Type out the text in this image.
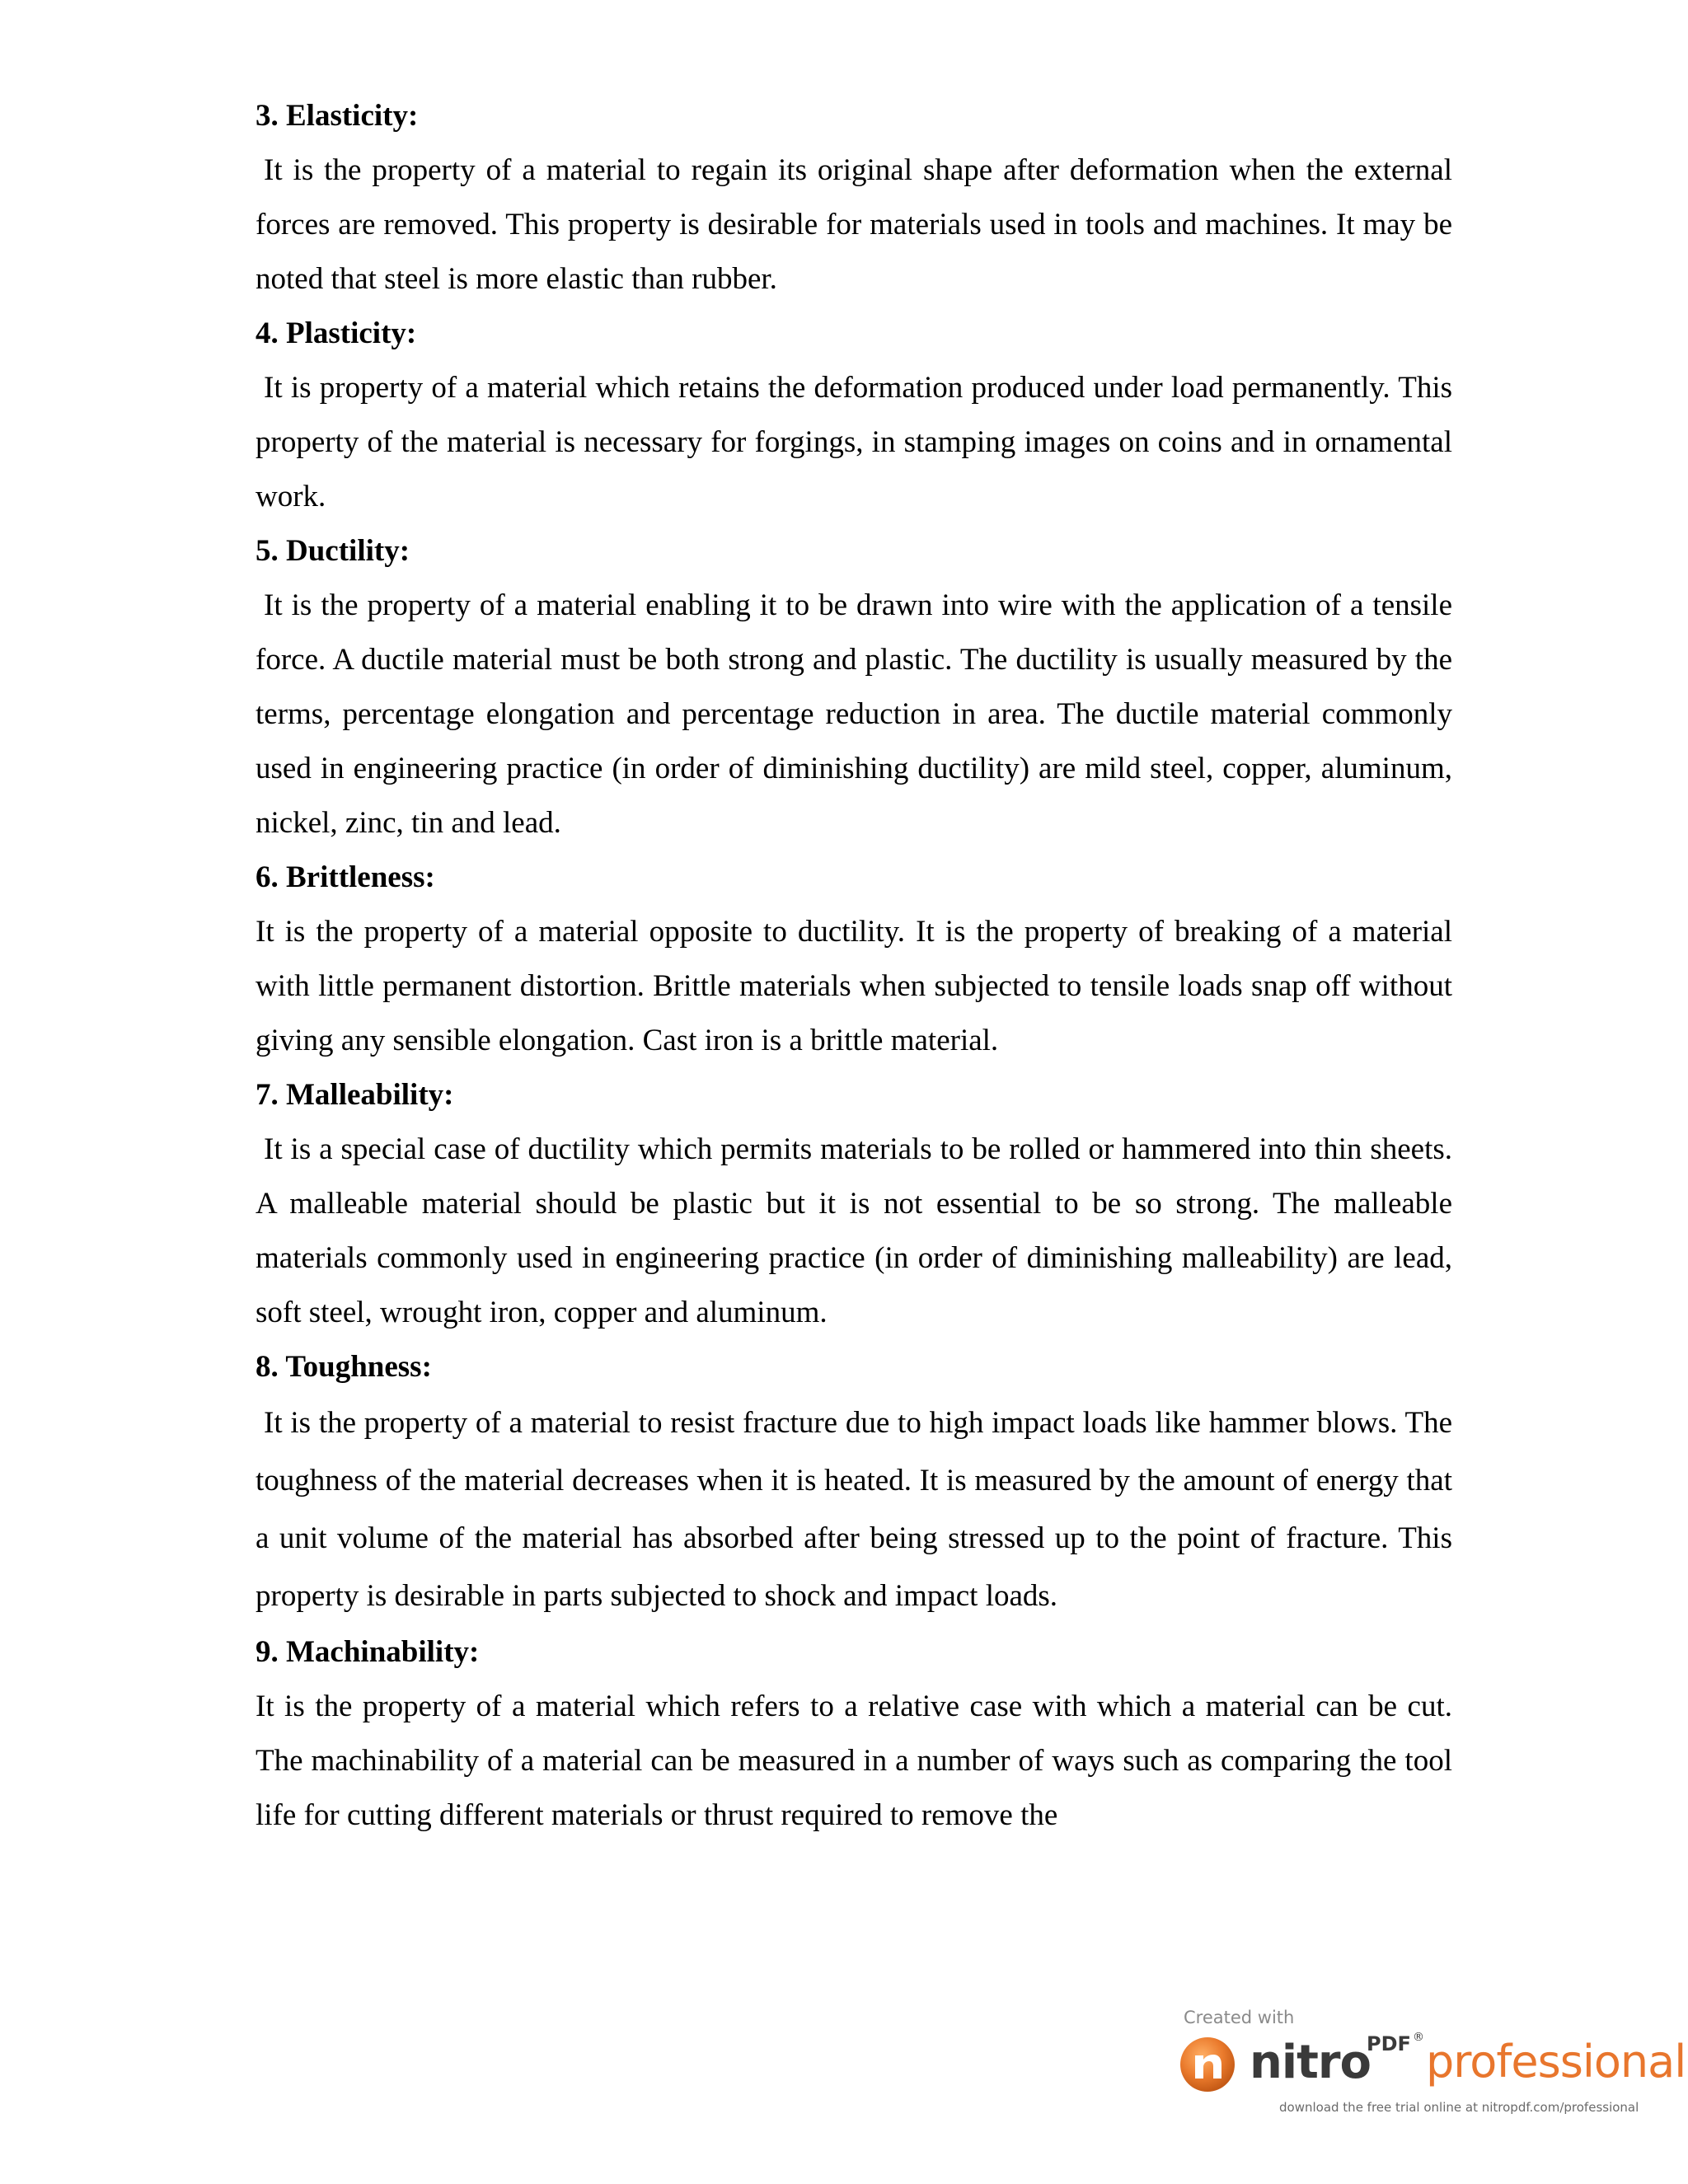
3. Elasticity:

It is the property of a material to regain its original shape after deformation when the external forces are removed. This property is desirable for materials used in tools and machines. It may be noted that steel is more elastic than rubber.

4. Plasticity:

It is property of a material which retains the deformation produced under load permanently. This property of the material is necessary for forgings, in stamping images on coins and in ornamental work.

5. Ductility:

It is the property of a material enabling it to be drawn into wire with the application of a tensile force. A ductile material must be both strong and plastic. The ductility is usually measured by the terms, percentage elongation and percentage reduction in area. The ductile material commonly used in engineering practice (in order of diminishing ductility) are mild steel, copper, aluminum, nickel, zinc, tin and lead.

6. Brittleness:

It is the property of a material opposite to ductility. It is the property of breaking of a material with little permanent distortion. Brittle materials when subjected to tensile loads snap off without giving any sensible elongation. Cast iron is a brittle material.

7. Malleability:

It is a special case of ductility which permits materials to be rolled or hammered into thin sheets. A malleable material should be plastic but it is not essential to be so strong. The malleable materials commonly used in engineering practice (in order of diminishing malleability) are lead, soft steel, wrought iron, copper and aluminum.

8. Toughness:

It is the property of a material to resist fracture due to high impact loads like hammer blows. The toughness of the material decreases when it is heated. It is measured by the amount of energy that a unit volume of the material has absorbed after being stressed up to the point of fracture. This property is desirable in parts subjected to shock and impact loads.

9. Machinability:

It is the property of a material which refers to a relative case with which a material can be cut. The machinability of a material can be measured in a number of ways such as comparing the tool life for cutting different materials or thrust required to remove the

Created with
nitro
PDF ® professional
download the free trial online at nitropdf.com/professional
